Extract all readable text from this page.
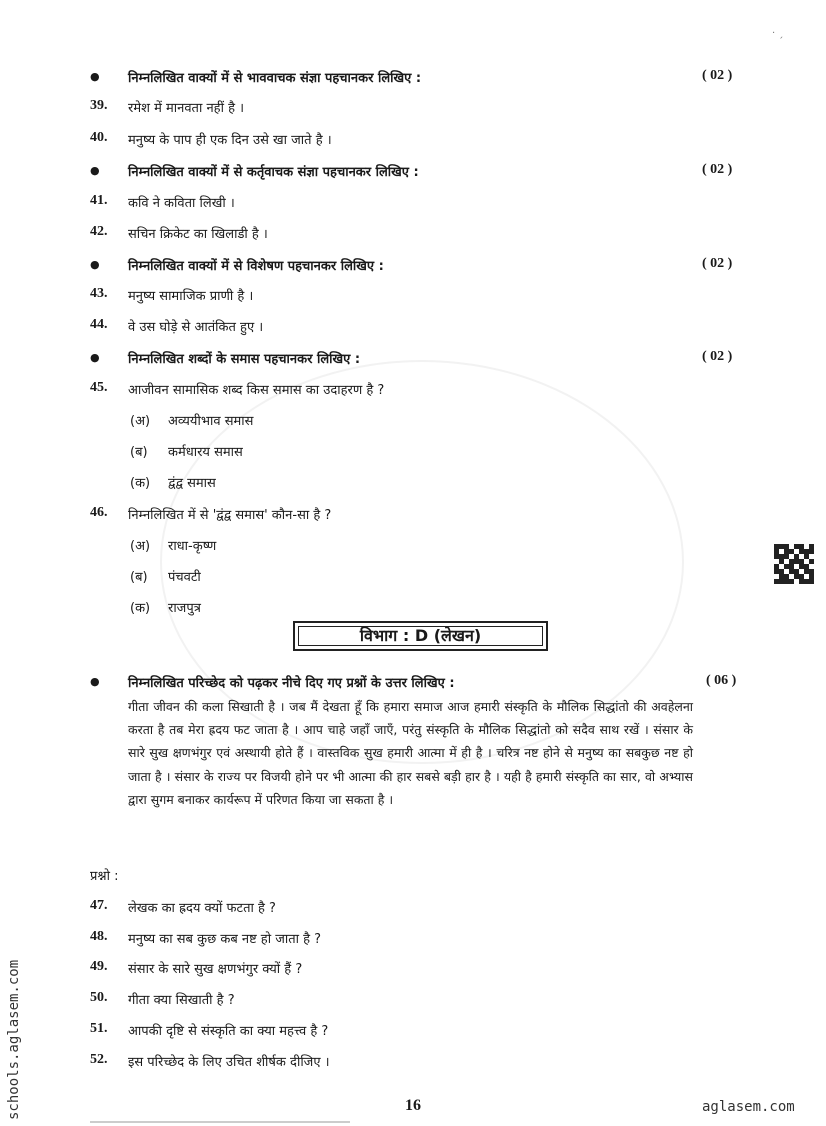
· ˏ
● निम्नलिखित वाक्यों में से भाववाचक संज्ञा पहचानकर लिखिए :	( 02 )
39. रमेश में मानवता नहीं है ।
40. मनुष्य के पाप ही एक दिन उसे खा जाते है ।
● निम्नलिखित वाक्यों में से कर्तृवाचक संज्ञा पहचानकर लिखिए :	( 02 )
41. कवि ने कविता लिखी ।
42. सचिन क्रिकेट का खिलाडी है ।
● निम्नलिखित वाक्यों में से विशेषण पहचानकर लिखिए :	( 02 )
43. मनुष्य सामाजिक प्राणी है ।
44. वे उस घोड़े से आतंकित हुए ।
● निम्नलिखित शब्दों के समास पहचानकर लिखिए :	( 02 )
45. आजीवन सामासिक शब्द किस समास का उदाहरण है ?
(अ) अव्ययीभाव समास
(ब) कर्मधारय समास
(क) द्वंद्व समास
46. निम्नलिखित में से 'द्वंद्व समास' कौन-सा है ?
(अ) राधा-कृष्ण
(ब) पंचवटी
(क) राजपुत्र
विभाग : D (लेखन)
● निम्नलिखित परिच्छेद को पढ़कर नीचे दिए गए प्रश्नों के उत्तर लिखिए :	( 06 )
गीता जीवन की कला सिखाती है । जब मैं देखता हूँ कि हमारा समाज आज हमारी संस्कृति के मौलिक सिद्धांतो की अवहेलना करता है तब मेरा ह्रदय फट जाता है । आप चाहे जहाँ जाएँ, परंतु संस्कृति के मौलिक सिद्धांतो को सदैव साथ रखें । संसार के सारे सुख क्षणभंगुर एवं अस्थायी होते हैं । वास्तविक सुख हमारी आत्मा में ही है । चरित्र नष्ट होने से मनुष्य का सबकुछ नष्ट हो जाता है । संसार के राज्य पर विजयी होने पर भी आत्मा की हार सबसे बड़ी हार है । यही है हमारी संस्कृति का सार, वो अभ्यास द्वारा सुगम बनाकर कार्यरूप में परिणत किया जा सकता है ।
प्रश्नो :
47. लेखक का ह्रदय क्यों फटता है ?
48. मनुष्य का सब कुछ कब नष्ट हो जाता है ?
49. संसार के सारे सुख क्षणभंगुर क्यों हैं ?
50. गीता क्या सिखाती है ?
51. आपकी दृष्टि से संस्कृति का क्या महत्त्व है ?
52. इस परिच्छेद के लिए उचित शीर्षक दीजिए ।
16	aglasem.com
schools.aglasem.com
